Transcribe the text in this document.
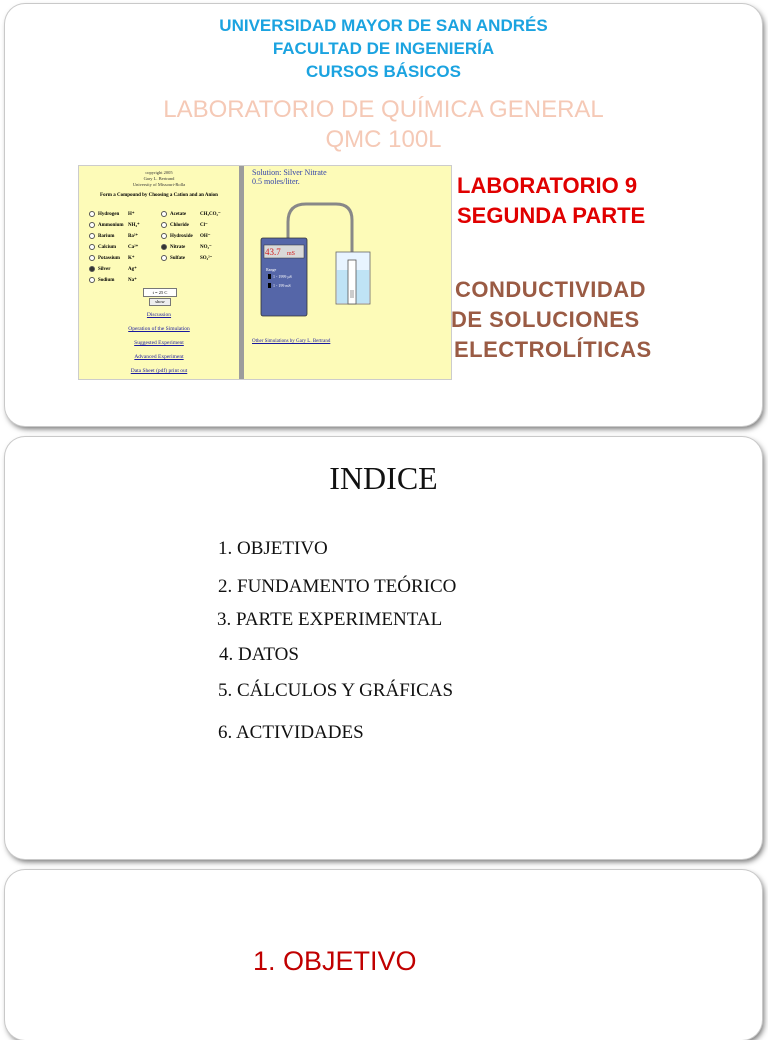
UNIVERSIDAD MAYOR DE SAN ANDRÉS
FACULTAD DE INGENIERÍA
CURSOS BÁSICOS
LABORATORIO DE QUÍMICA GENERAL
QMC 100L
copyright 2005
Gary L. Bertrand
University of Missouri-Rolla
Form a Compound by Choosing a Cation and an Anion
Hydrogen H⁺
Ammonium NH₄⁺
Barium	Ba²⁺
Calcium Ca²⁺
Potassium K⁺
Silver	Ag⁺
Sodium	Na⁺
Acetate	CH₃CO₂⁻
Chloride Cl⁻
Hydroxide OH⁻
Nitrate	NO₃⁻
Sulfate	SO₄²⁻
t = 25 C
show
Discussion
Operation of the Simulation
Suggested Experiment
Advanced Experiment
Data Sheet (pdf) print out
Solution: Silver Nitrate
0.5 moles/liter.
43.7 mS
Range
1 - 1999 µS
1 - 199 mS
Other Simulations by Gary L. Bertrand
LABORATORIO 9
SEGUNDA PARTE
CONDUCTIVIDAD
DE SOLUCIONES
ELECTROLÍTICAS
INDICE
1. OBJETIVO
2. FUNDAMENTO TEÓRICO
3. PARTE EXPERIMENTAL
4. DATOS
5. CÁLCULOS Y GRÁFICAS
6. ACTIVIDADES
1. OBJETIVO
